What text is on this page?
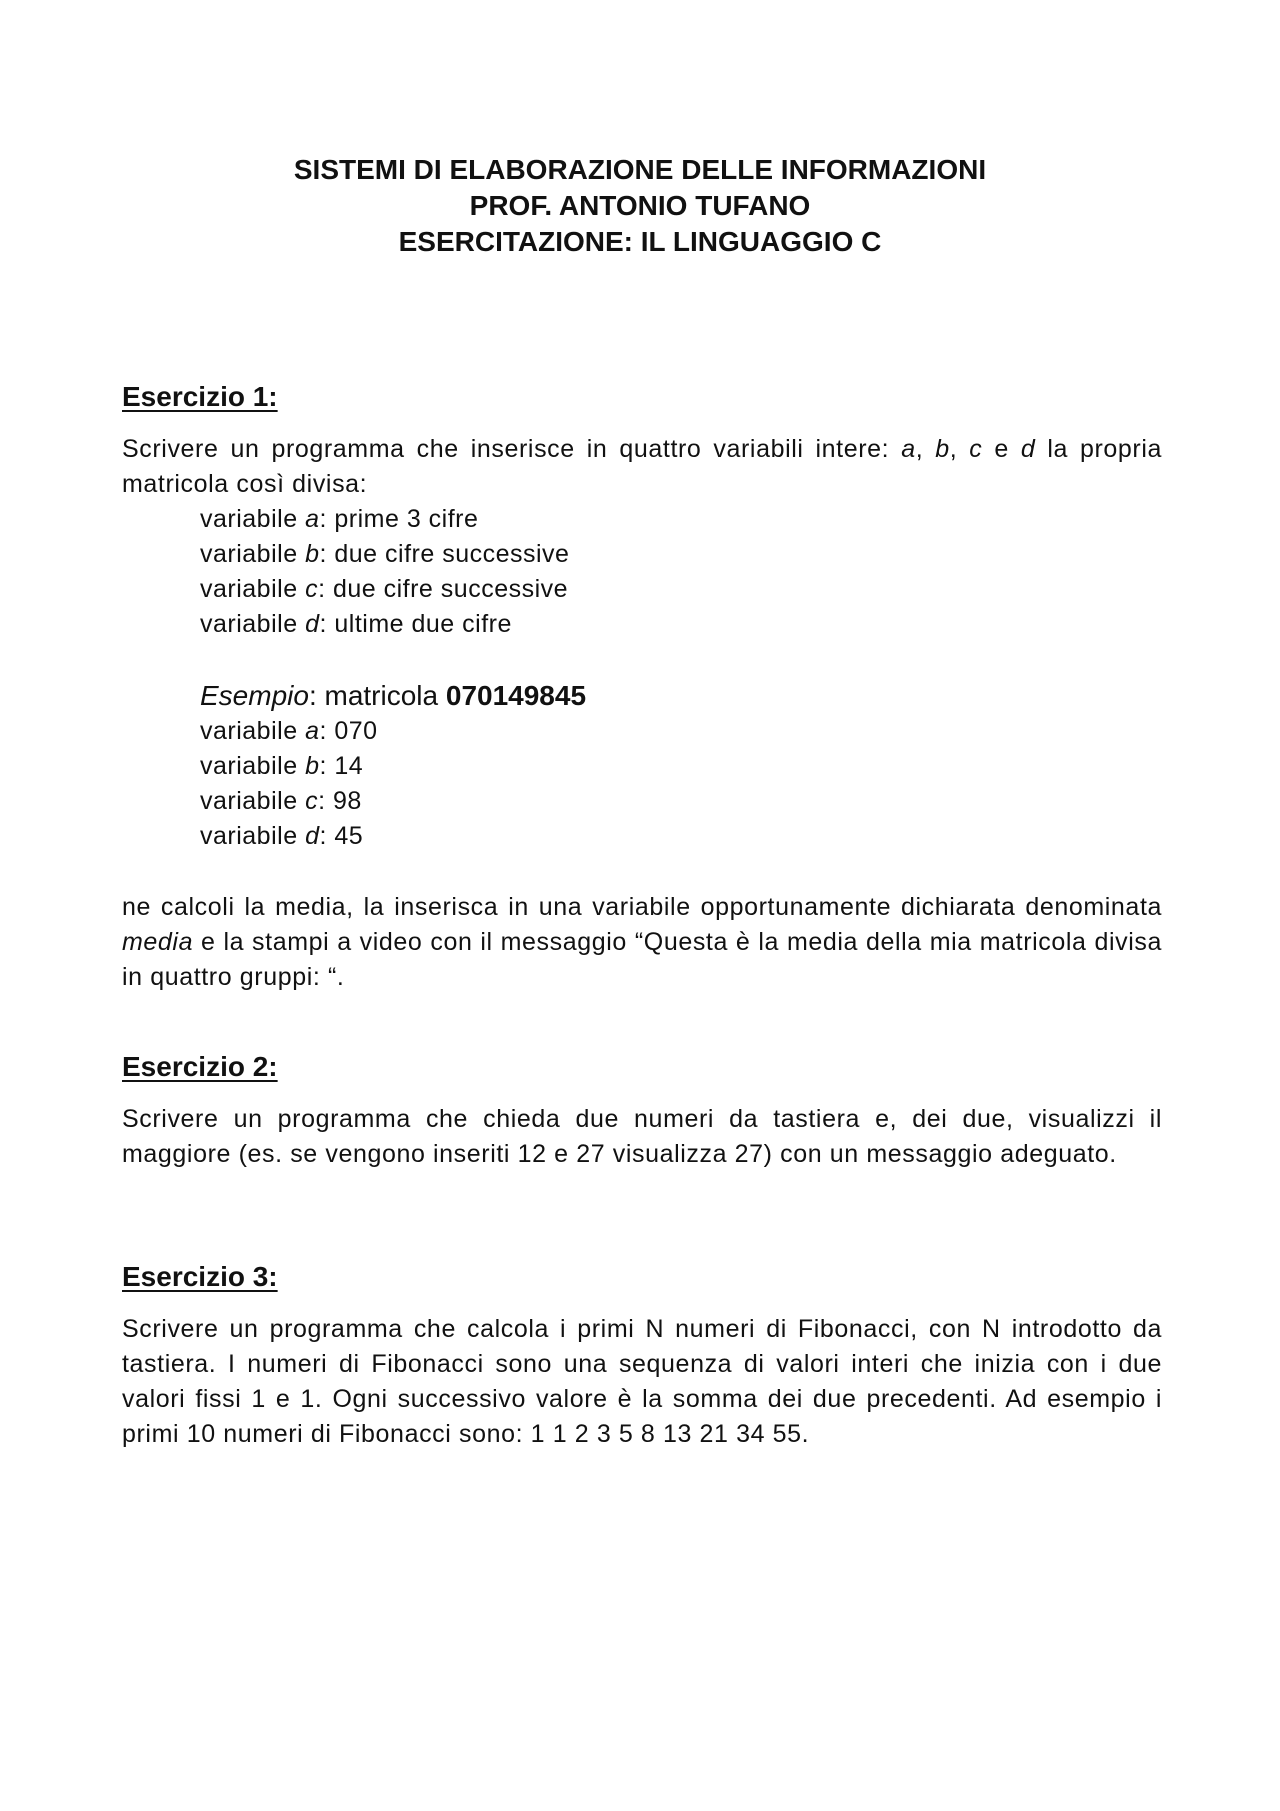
SISTEMI DI ELABORAZIONE DELLE INFORMAZIONI
PROF. ANTONIO TUFANO
ESERCITAZIONE: IL LINGUAGGIO C
Esercizio 1:
Scrivere un programma che inserisce in quattro variabili intere: a, b, c e d la propria matricola così divisa:
variabile a: prime 3 cifre
variabile b: due cifre successive
variabile c: due cifre successive
variabile d: ultime due cifre
Esempio: matricola 070149845
variabile a: 070
variabile b: 14
variabile c: 98
variabile d: 45
ne calcoli la media, la inserisca in una variabile opportunamente dichiarata denominata media e la stampi a video con il messaggio “Questa è la media della mia matricola divisa in quattro gruppi: “.
Esercizio 2:
Scrivere un programma che chieda due numeri da tastiera e, dei due, visualizzi il maggiore (es. se vengono inseriti 12 e 27 visualizza 27) con un messaggio adeguato.
Esercizio 3:
Scrivere un programma che calcola i primi N numeri di Fibonacci, con N introdotto da tastiera. I numeri di Fibonacci sono una sequenza di valori interi che inizia con i due valori fissi 1 e 1. Ogni successivo valore è la somma dei due precedenti. Ad esempio i primi 10 numeri di Fibonacci sono: 1 1 2 3 5 8 13 21 34 55.
